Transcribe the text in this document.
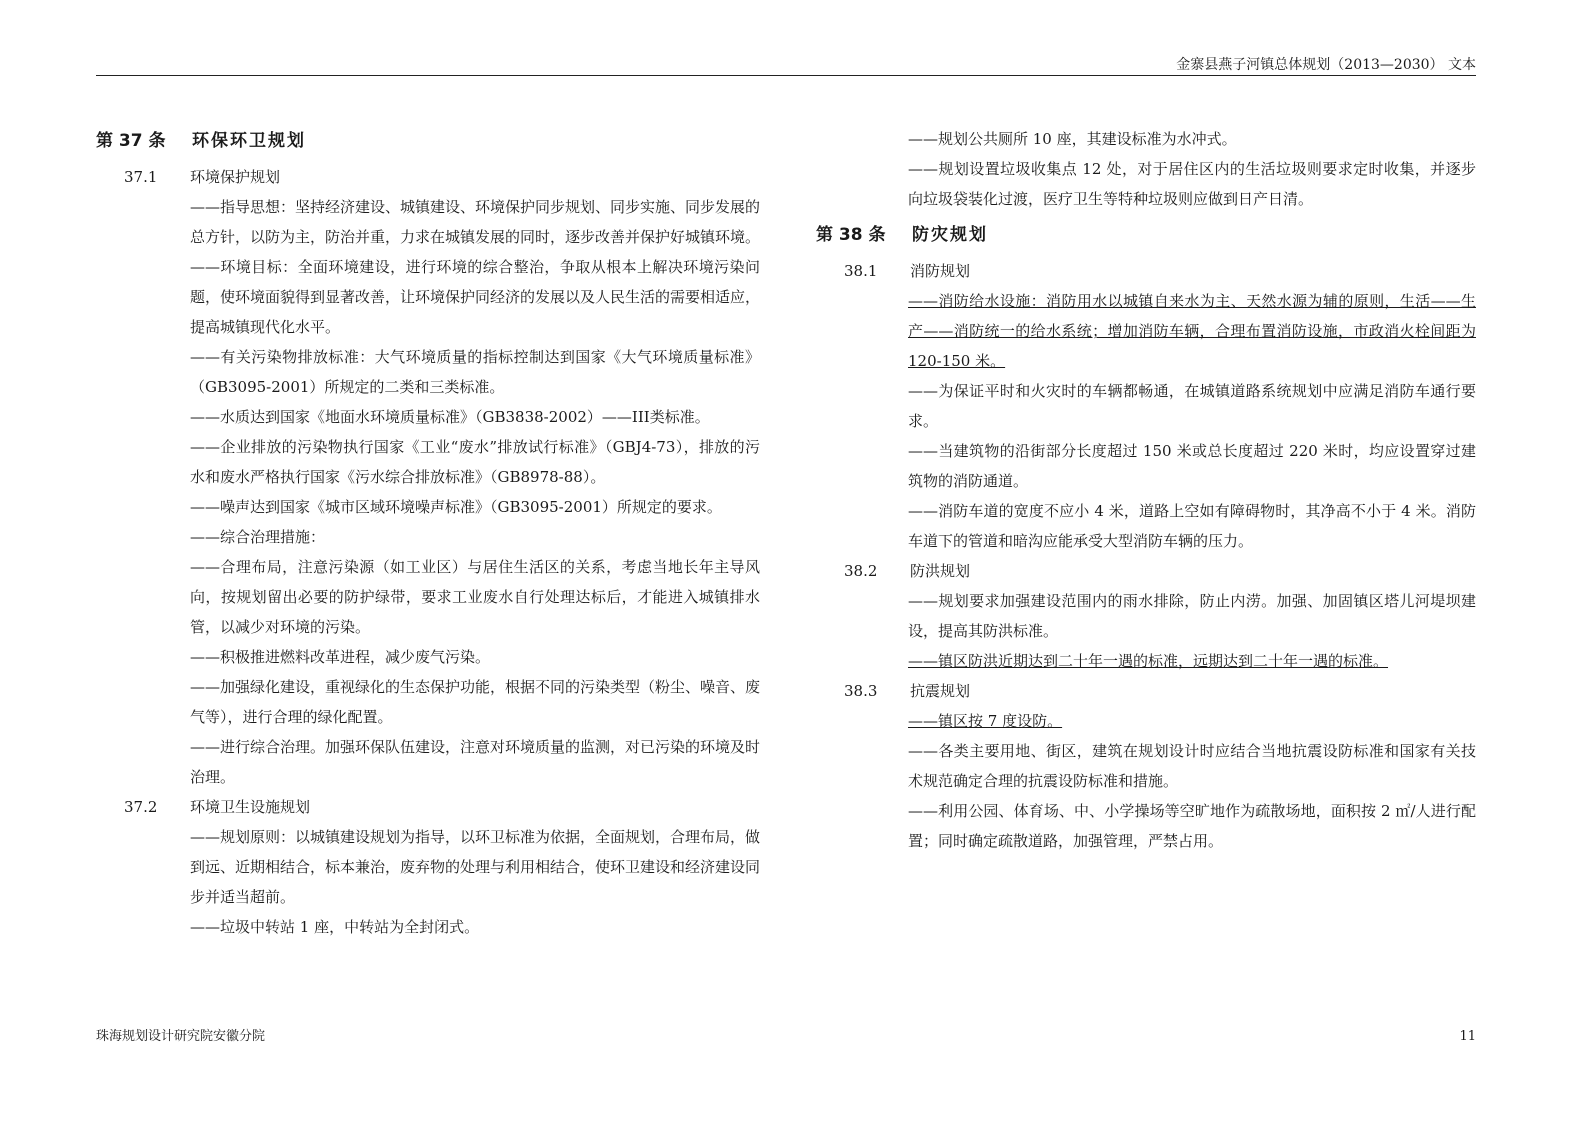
金寨县燕子河镇总体规划（2013—2030） 文本
第 37 条 环保环卫规划
37.1 环境保护规划

——指导思想：坚持经济建设、城镇建设、环境保护同步规划、同步实施、同步发展的总方针，以防为主，防治并重，力求在城镇发展的同时，逐步改善并保护好城镇环境。

——环境目标：全面环境建设，进行环境的综合整治，争取从根本上解决环境污染问题，使环境面貌得到显著改善，让环境保护同经济的发展以及人民生活的需要相适应，提高城镇现代化水平。

——有关污染物排放标准：大气环境质量的指标控制达到国家《大气环境质量标准》（GB3095-2001）所规定的二类和三类标准。

——水质达到国家《地面水环境质量标准》（GB3838-2002）——III类标准。

——企业排放的污染物执行国家《工业“废水”排放试行标准》（GBJ4-73），排放的污水和废水严格执行国家《污水综合排放标准》（GB8978-88）。

——噪声达到国家《城市区域环境噪声标准》（GB3095-2001）所规定的要求。

——综合治理措施：

——合理布局，注意污染源（如工业区）与居住生活区的关系，考虑当地长年主导风向，按规划留出必要的防护绿带，要求工业废水自行处理达标后，才能进入城镇排水管，以减少对环境的污染。

——积极推进燃料改革进程，减少废气污染。

——加强绿化建设，重视绿化的生态保护功能，根据不同的污染类型（粉尘、噪音、废气等），进行合理的绿化配置。

——进行综合治理。加强环保队伍建设，注意对环境质量的监测，对已污染的环境及时治理。

37.2 环境卫生设施规划

——规划原则：以城镇建设规划为指导，以环卫标准为依据，全面规划，合理布局，做到远、近期相结合，标本兼治，废弃物的处理与利用相结合，使环卫建设和经济建设同步并适当超前。

——垃圾中转站 1 座，中转站为全封闭式。

——规划公共厕所 10 座，其建设标准为水冲式。

——规划设置垃圾收集点 12 处，对于居住区内的生活垃圾则要求定时收集，并逐步向垃圾袋装化过渡，医疗卫生等特种垃圾则应做到日产日清。

第 38 条 防灾规划
38.1 消防规划

——消防给水设施：消防用水以城镇自来水为主、天然水源为辅的原则，生活——生产——消防统一的给水系统；增加消防车辆，合理布置消防设施，市政消火栓间距为 120-150 米。

——为保证平时和火灾时的车辆都畅通，在城镇道路系统规划中应满足消防车通行要求。

——当建筑物的沿街部分长度超过 150 米或总长度超过 220 米时，均应设置穿过建筑物的消防通道。

——消防车道的宽度不应小 4 米，道路上空如有障碍物时，其净高不小于 4 米。消防车道下的管道和暗沟应能承受大型消防车辆的压力。

38.2 防洪规划

——规划要求加强建设范围内的雨水排除，防止内涝。加强、加固镇区塔儿河堤坝建设，提高其防洪标准。

——镇区防洪近期达到二十年一遇的标准，远期达到二十年一遇的标准。

38.3 抗震规划

——镇区按 7 度设防。

——各类主要用地、街区，建筑在规划设计时应结合当地抗震设防标准和国家有关技术规范确定合理的抗震设防标准和措施。

——利用公园、体育场、中、小学操场等空旷地作为疏散场地，面积按 2 ㎡/人进行配置；同时确定疏散道路，加强管理，严禁占用。

珠海规划设计研究院安徽分院	11
